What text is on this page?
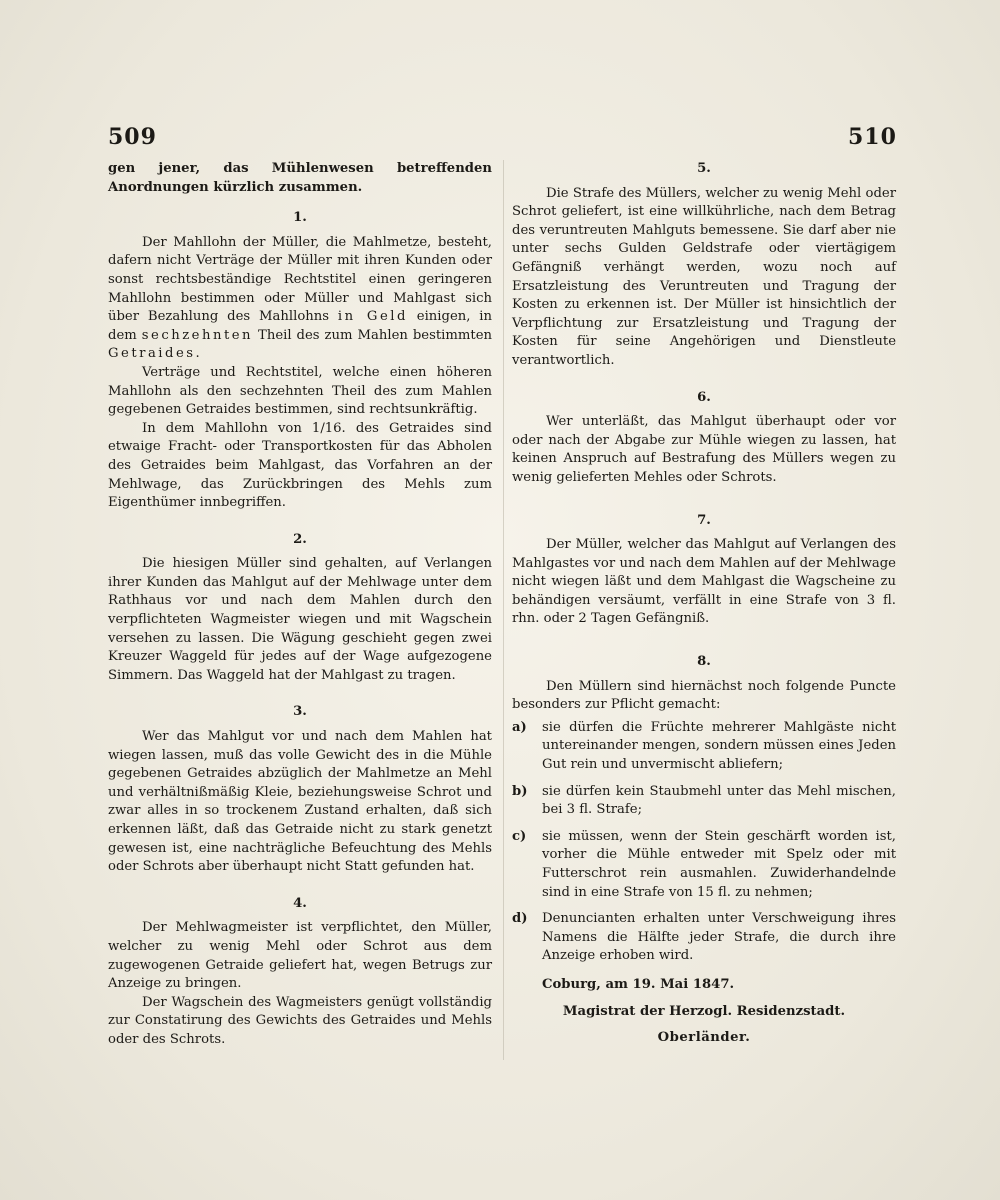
509	510

gen jener, das Mühlenwesen betreffenden Anordnungen kürzlich zusammen.

1.

Der Mahllohn der Müller, die Mahlmetze, besteht, dafern nicht Verträge der Müller mit ihren Kunden oder sonst rechtsbeständige Rechtstitel einen geringeren Mahllohn bestimmen oder Müller und Mahlgast sich über Bezahlung des Mahllohns in Geld einigen, in dem sechzehnten Theil des zum Mahlen bestimmten Getraides.

Verträge und Rechtstitel, welche einen höheren Mahllohn als den sechzehnten Theil des zum Mahlen gegebenen Getraides bestimmen, sind rechtsunkräftig.

In dem Mahllohn von 1/16. des Getraides sind etwaige Fracht- oder Transportkosten für das Abholen des Getraides beim Mahlgast, das Vorfahren an der Mehlwage, das Zurückbringen des Mehls zum Eigenthümer innbegriffen.

2.

Die hiesigen Müller sind gehalten, auf Verlangen ihrer Kunden das Mahlgut auf der Mehlwage unter dem Rathhaus vor und nach dem Mahlen durch den verpflichteten Wagmeister wiegen und mit Wagschein versehen zu lassen. Die Wägung geschieht gegen zwei Kreuzer Waggeld für jedes auf der Wage aufgezogene Simmern. Das Waggeld hat der Mahlgast zu tragen.

3.

Wer das Mahlgut vor und nach dem Mahlen hat wiegen lassen, muß das volle Gewicht des in die Mühle gegebenen Getraides abzüglich der Mahlmetze an Mehl und verhältnißmäßig Kleie, beziehungsweise Schrot und zwar alles in so trockenem Zustand erhalten, daß sich erkennen läßt, daß das Getraide nicht zu stark genetzt gewesen ist, eine nachträgliche Befeuchtung des Mehls oder Schrots aber überhaupt nicht Statt gefunden hat.

4.

Der Mehlwagmeister ist verpflichtet, den Müller, welcher zu wenig Mehl oder Schrot aus dem zugewogenen Getraide geliefert hat, wegen Betrugs zur Anzeige zu bringen.

Der Wagschein des Wagmeisters genügt vollständig zur Constatirung des Gewichts des Getraides und Mehls oder des Schrots.

5.

Die Strafe des Müllers, welcher zu wenig Mehl oder Schrot geliefert, ist eine willkührliche, nach dem Betrag des veruntreuten Mahlguts bemessene. Sie darf aber nie unter sechs Gulden Geldstrafe oder viertägigem Gefängniß verhängt werden, wozu noch auf Ersatzleistung des Veruntreuten und Tragung der Kosten zu erkennen ist. Der Müller ist hinsichtlich der Verpflichtung zur Ersatzleistung und Tragung der Kosten für seine Angehörigen und Dienstleute verantwortlich.

6.

Wer unterläßt, das Mahlgut überhaupt oder vor oder nach der Abgabe zur Mühle wiegen zu lassen, hat keinen Anspruch auf Bestrafung des Müllers wegen zu wenig gelieferten Mehles oder Schrots.

7.

Der Müller, welcher das Mahlgut auf Verlangen des Mahlgastes vor und nach dem Mahlen auf der Mehlwage nicht wiegen läßt und dem Mahlgast die Wagscheine zu behändigen versäumt, verfällt in eine Strafe von 3 fl. rhn. oder 2 Tagen Gefängniß.

8.

Den Müllern sind hiernächst noch folgende Puncte besonders zur Pflicht gemacht:

a)	sie dürfen die Früchte mehrerer Mahlgäste nicht untereinander mengen, sondern müssen eines Jeden Gut rein und unvermischt abliefern;
b)	sie dürfen kein Staubmehl unter das Mehl mischen, bei 3 fl. Strafe;
c)	sie müssen, wenn der Stein geschärft worden ist, vorher die Mühle entweder mit Spelz oder mit Futterschrot rein ausmahlen. Zuwiderhandelnde sind in eine Strafe von 15 fl. zu nehmen;
d)	Denuncianten erhalten unter Verschweigung ihres Namens die Hälfte jeder Strafe, die durch ihre Anzeige erhoben wird.

Coburg, am 19. Mai 1847.

Magistrat der Herzogl. Residenzstadt.
Oberländer.
